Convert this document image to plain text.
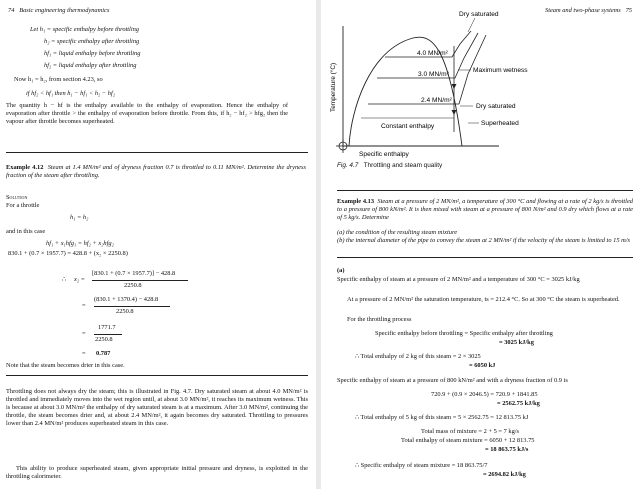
74 Basic engineering thermodynamics
Let h₁ = specific enthalpy before throttling
h₂ = specific enthalpy after throttling
hf₁ = liquid enthalpy before throttling
hf₂ = liquid enthalpy after throttling
Now h₁ = h₂, from section 4.23, so
if hf₂ < hf₁ then h₁ − hf₁ < h₂ − hf₂
The quantity h − hf is the enthalpy available to the enthalpy of evaporation. Hence the enthalpy of evaporation after throttle > the enthalpy of evaporation before throttle. From this, if h₂ − hf₂ > hfg₂ then the vapour after throttle becomes superheated.
Example 4.12 Steam at 1.4 MN/m² and of dryness fraction 0.7 is throttled to 0.11 MN/m². Determine the dryness fraction of the steam after throttling.
Solution
For a throttle
h₁ = h₂
and in this case
hf₁ + x₁hfg₁ = hf₂ + x₂hfg₂
830.1 + (0.7 × 1957.7) = 428.8 + (x₂ × 2250.8)
∴ x₂ =
[830.1 + (0.7 × 1957.7)] − 428.8
2250.8
=
(830.1 + 1370.4) − 428.8
2250.8
=
1771.7
2250.8
= 0.787
Note that the steam becomes drier in this case.
Throttling does not always dry the steam; this is illustrated in Fig. 4.7. Dry saturated steam at about 4.0 MN/m² is throttled and immediately moves into the wet region until, at about 3.0 MN/m², it reaches its maximum wetness. This is because at about 3.0 MN/m² the enthalpy of dry saturated steam is at a maximum. After 3.0 MN/m², continuing the throttle, the steam becomes drier and, at about 2.4 MN/m², it again becomes dry saturated. Throttling to pressures lower than 2.4 MN/m² produces superheated steam in this case.
This ability to produce superheated steam, given appropriate initial pressure and dryness, is exploited in the throttling calorimeter.
Steam and two-phase systems 75
Dry saturated
4.0 MN/m²
3.0 MN/m²
2.4 MN/m²
Maximum wetness
Dry saturated
Superheated
Constant enthalpy
Temperature (°C)
Specific enthalpy
Fig. 4.7 Throttling and steam quality
Example 4.13 Steam at a pressure of 2 MN/m², a temperature of 300 °C and flowing at a rate of 2 kg/s is throttled to a pressure of 800 kN/m². It is then mixed with steam at a pressure of 800 N/m² and 0.9 dry which flows at a rate of 5 kg/s. Determine
(a) the condition of the resulting steam mixture
(b) the internal diameter of the pipe to convey the steam at 2 MN/m² if the velocity of the steam is limited to 15 m/s
(a)
Specific enthalpy of steam at a pressure of 2 MN/m² and a temperature of 300 °C = 3025 kJ/kg
At a pressure of 2 MN/m² the saturation temperature, ts = 212.4 °C. So at 300 °C the steam is superheated.
For the throttling process
Specific enthalpy before throttling = Specific enthalpy after throttling
= 3025 kJ/kg
∴ Total enthalpy of 2 kg of this steam = 2 × 3025
= 6050 kJ
Specific enthalpy of steam at a pressure of 800 kN/m² and with a dryness fraction of 0.9 is
720.9 + (0.9 × 2046.5) = 720.9 + 1841.85
= 2562.75 kJ/kg
∴ Total enthalpy of 5 kg of this steam = 5 × 2562.75 = 12 813.75 kJ
Total mass of mixture = 2 + 5 = 7 kg/s
Total enthalpy of steam mixture = 6050 + 12 813.75
= 18 863.75 kJ/s
∴ Specific enthalpy of steam mixture = 18 863.75/7
= 2694.82 kJ/kg
